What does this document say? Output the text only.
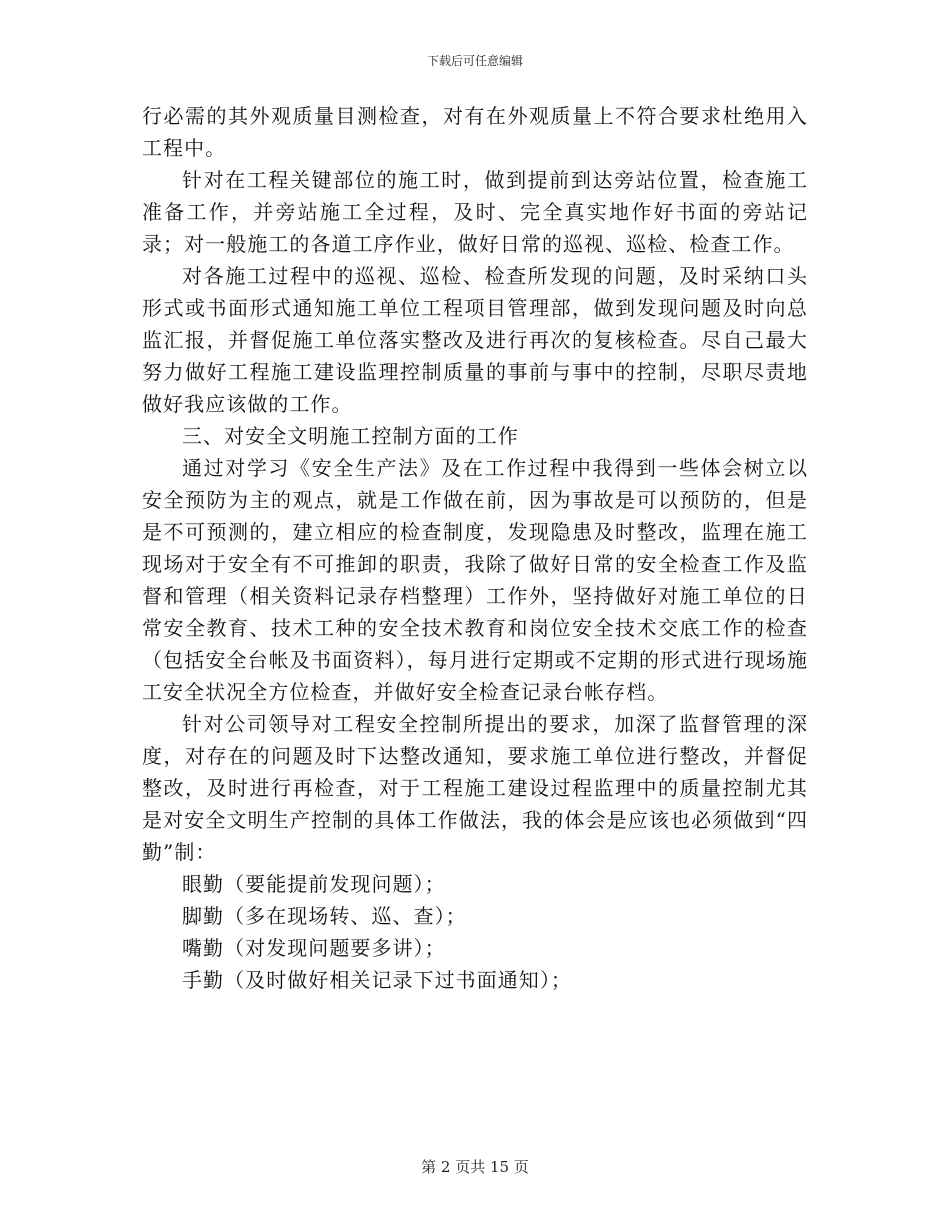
下载后可任意编辑

行必需的其外观质量目测检查，对有在外观质量上不符合要求杜绝用入工程中。

针对在工程关键部位的施工时，做到提前到达旁站位置，检查施工准备工作，并旁站施工全过程，及时、完全真实地作好书面的旁站记录；对一般施工的各道工序作业，做好日常的巡视、巡检、检查工作。

对各施工过程中的巡视、巡检、检查所发现的问题，及时采纳口头形式或书面形式通知施工单位工程项目管理部，做到发现问题及时向总监汇报，并督促施工单位落实整改及进行再次的复核检查。尽自己最大努力做好工程施工建设监理控制质量的事前与事中的控制，尽职尽责地做好我应该做的工作。

三、对安全文明施工控制方面的工作

通过对学习《安全生产法》及在工作过程中我得到一些体会树立以安全预防为主的观点，就是工作做在前，因为事故是可以预防的，但是是不可预测的，建立相应的检查制度，发现隐患及时整改，监理在施工现场对于安全有不可推卸的职责，我除了做好日常的安全检查工作及监督和管理（相关资料记录存档整理）工作外，坚持做好对施工单位的日常安全教育、技术工种的安全技术教育和岗位安全技术交底工作的检查（包括安全台帐及书面资料），每月进行定期或不定期的形式进行现场施工安全状况全方位检查，并做好安全检查记录台帐存档。

针对公司领导对工程安全控制所提出的要求，加深了监督管理的深度，对存在的问题及时下达整改通知，要求施工单位进行整改，并督促整改，及时进行再检查，对于工程施工建设过程监理中的质量控制尤其是对安全文明生产控制的具体工作做法，我的体会是应该也必须做到“四勤”制：

眼勤（要能提前发现问题）；

脚勤（多在现场转、巡、查）；

嘴勤（对发现问题要多讲）；

手勤（及时做好相关记录下过书面通知）；

第 2 页共 15 页
